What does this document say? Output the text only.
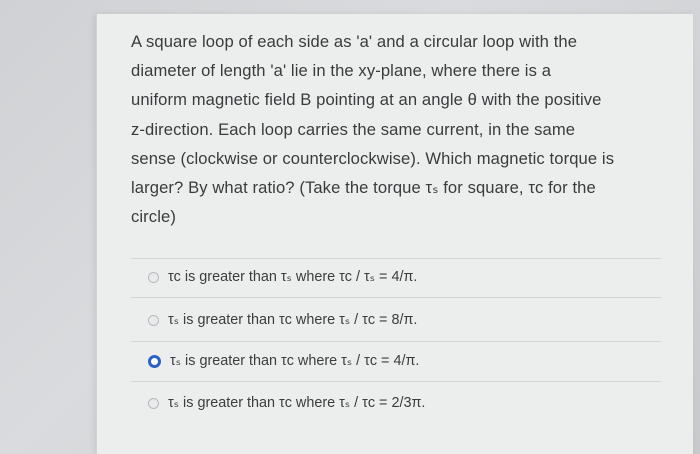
A square loop of each side as 'a' and a circular loop with the
diameter of length 'a' lie in the xy-plane, where there is a
uniform magnetic field B pointing at an angle θ with the positive
z-direction. Each loop carries the same current, in the same
sense (clockwise or counterclockwise). Which magnetic torque is
larger? By what ratio? (Take the torque τₛ for square, τᴄ for the
circle)
τᴄ is greater than τₛ where τᴄ / τₛ = 4/π.
τₛ is greater than τᴄ where τₛ / τᴄ = 8/π.
τₛ is greater than τᴄ where τₛ / τᴄ = 4/π.
τₛ is greater than τᴄ where τₛ / τᴄ = 2/3π.
